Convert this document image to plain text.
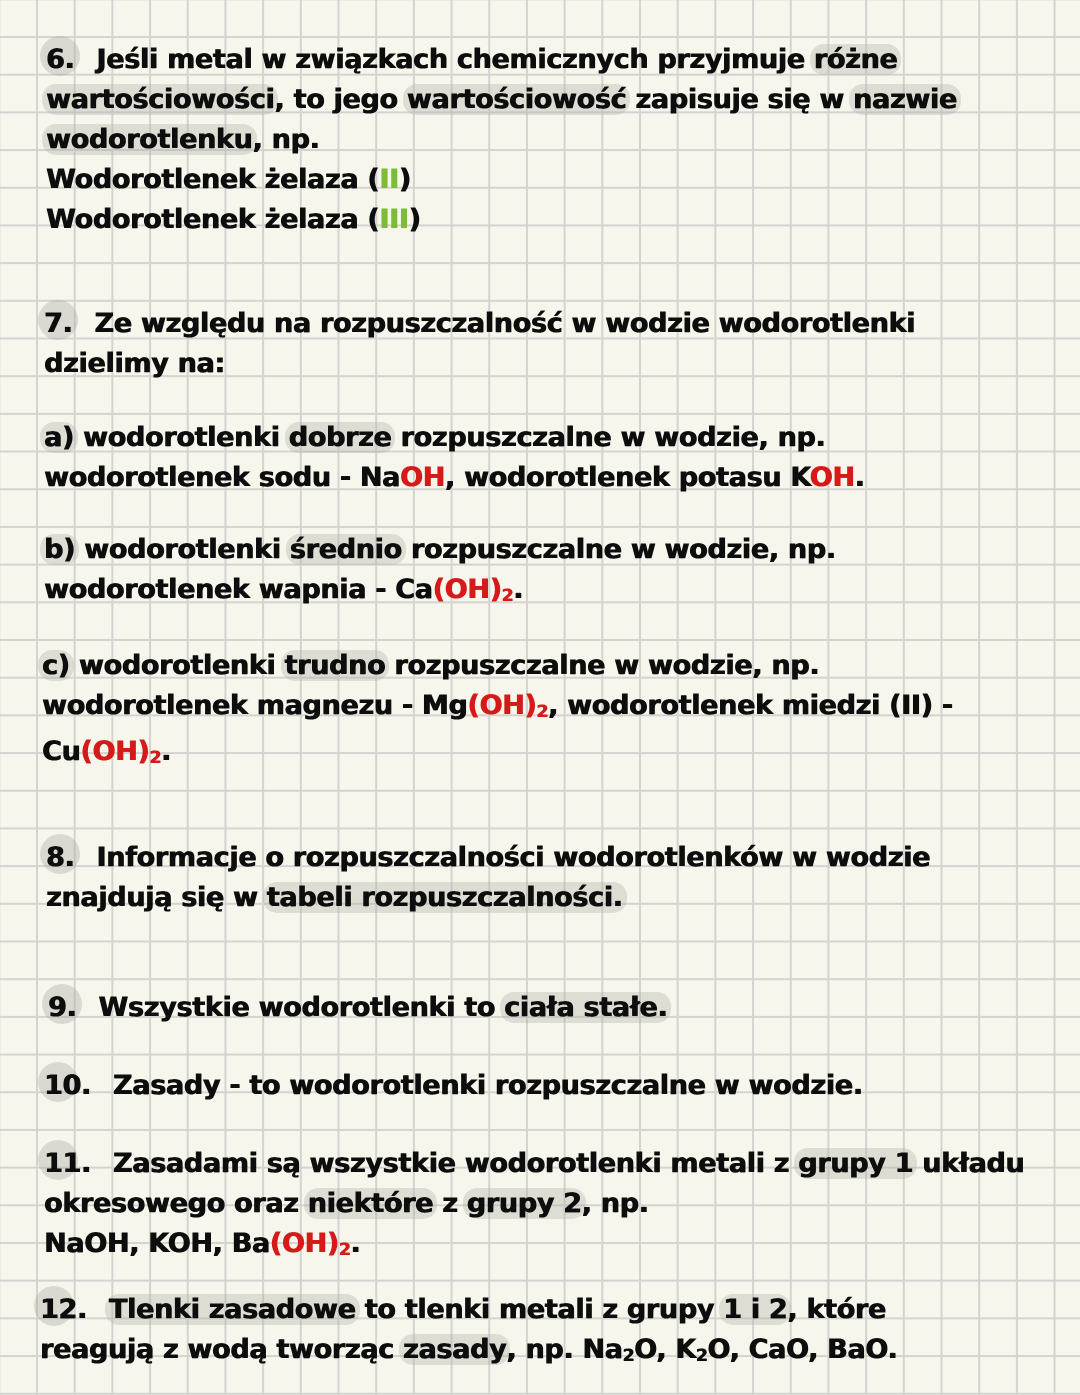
6. Jeśli metal w związkach chemicznych przyjmuje różne
wartościowości, to jego wartościowość zapisuje się w nazwie
wodorotlenku, np.
Wodorotlenek żelaza (II)
Wodorotlenek żelaza (III)
7. Ze względu na rozpuszczalność w wodzie wodorotlenki
dzielimy na:
a) wodorotlenki dobrze rozpuszczalne w wodzie, np.
wodorotlenek sodu - NaOH, wodorotlenek potasu KOH.
b) wodorotlenki średnio rozpuszczalne w wodzie, np.
wodorotlenek wapnia - Ca(OH)2.
c) wodorotlenki trudno rozpuszczalne w wodzie, np.
wodorotlenek magnezu - Mg(OH)2, wodorotlenek miedzi (II) -
Cu(OH)2.
8. Informacje o rozpuszczalności wodorotlenków w wodzie
znajdują się w tabeli rozpuszczalności.
9. Wszystkie wodorotlenki to ciała stałe.
10. Zasady - to wodorotlenki rozpuszczalne w wodzie.
11. Zasadami są wszystkie wodorotlenki metali z grupy 1 układu
okresowego oraz niektóre z grupy 2, np.
NaOH, KOH, Ba(OH)2.
12. Tlenki zasadowe to tlenki metali z grupy 1 i 2, które
reagują z wodą tworząc zasady, np. Na2O, K2O, CaO, BaO.
